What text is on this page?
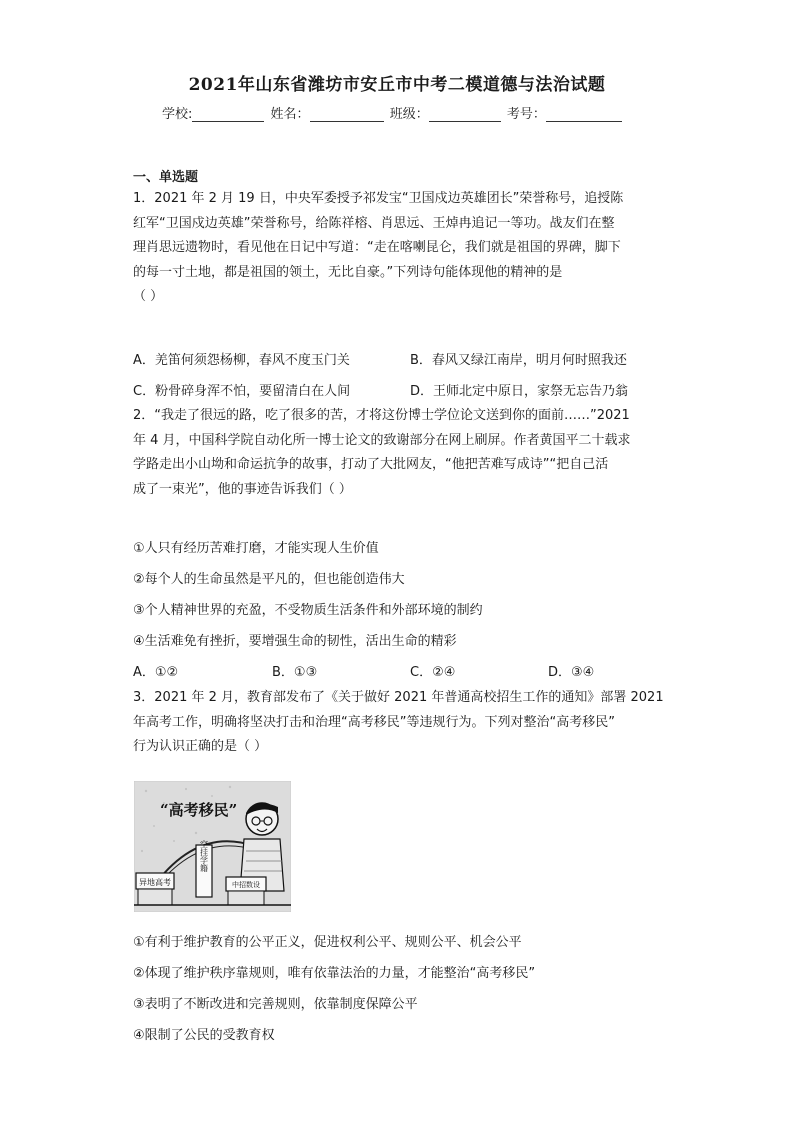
2021年山东省潍坊市安丘市中考二模道德与法治试题
学校:	姓名：	班级：	考号：
一、单选题
1．2021 年 2 月 19 日，中央军委授予祁发宝“卫国戍边英雄团长”荣誉称号，追授陈
红军“卫国戍边英雄”荣誉称号，给陈祥榕、肖思远、王焯冉追记一等功。战友们在整
理肖思远遗物时，看见他在日记中写道：“走在喀喇昆仑，我们就是祖国的界碑，脚下
的每一寸土地，都是祖国的领土，无比自豪。”下列诗句能体现他的精神的是
（ ）
A．羌笛何须怨杨柳，春风不度玉门关	B．春风又绿江南岸，明月何时照我还
C．粉骨碎身浑不怕，要留清白在人间	D．王师北定中原日，家祭无忘告乃翁
2．“我走了很远的路，吃了很多的苦，才将这份博士学位论文送到你的面前……”2021
年 4 月，中国科学院自动化所一博士论文的致谢部分在网上刷屏。作者黄国平二十载求
学路走出小山坳和命运抗争的故事，打动了大批网友，“他把苦难写成诗”“把自己活
成了一束光”，他的事迹告诉我们（ ）
①人只有经历苦难打磨，才能实现人生价值
②每个人的生命虽然是平凡的，但也能创造伟大
③个人精神世界的充盈，不受物质生活条件和外部环境的制约
④生活难免有挫折，要增强生命的韧性，活出生命的精彩
A．①②	B．①③	C．②④	D．③④
3．2021 年 2 月，教育部发布了《关于做好 2021 年普通高校招生工作的通知》部署 2021
年高考工作，明确将坚决打击和治理“高考移民”等违规行为。下列对整治“高考移民”
行为认识正确的是（ ）
“高考移民”
空挂学籍
异地高考	中招数设
①有利于维护教育的公平正义，促进权利公平、规则公平、机会公平
②体现了维护秩序靠规则，唯有依靠法治的力量，才能整治“高考移民”
③表明了不断改进和完善规则，依靠制度保障公平
④限制了公民的受教育权
